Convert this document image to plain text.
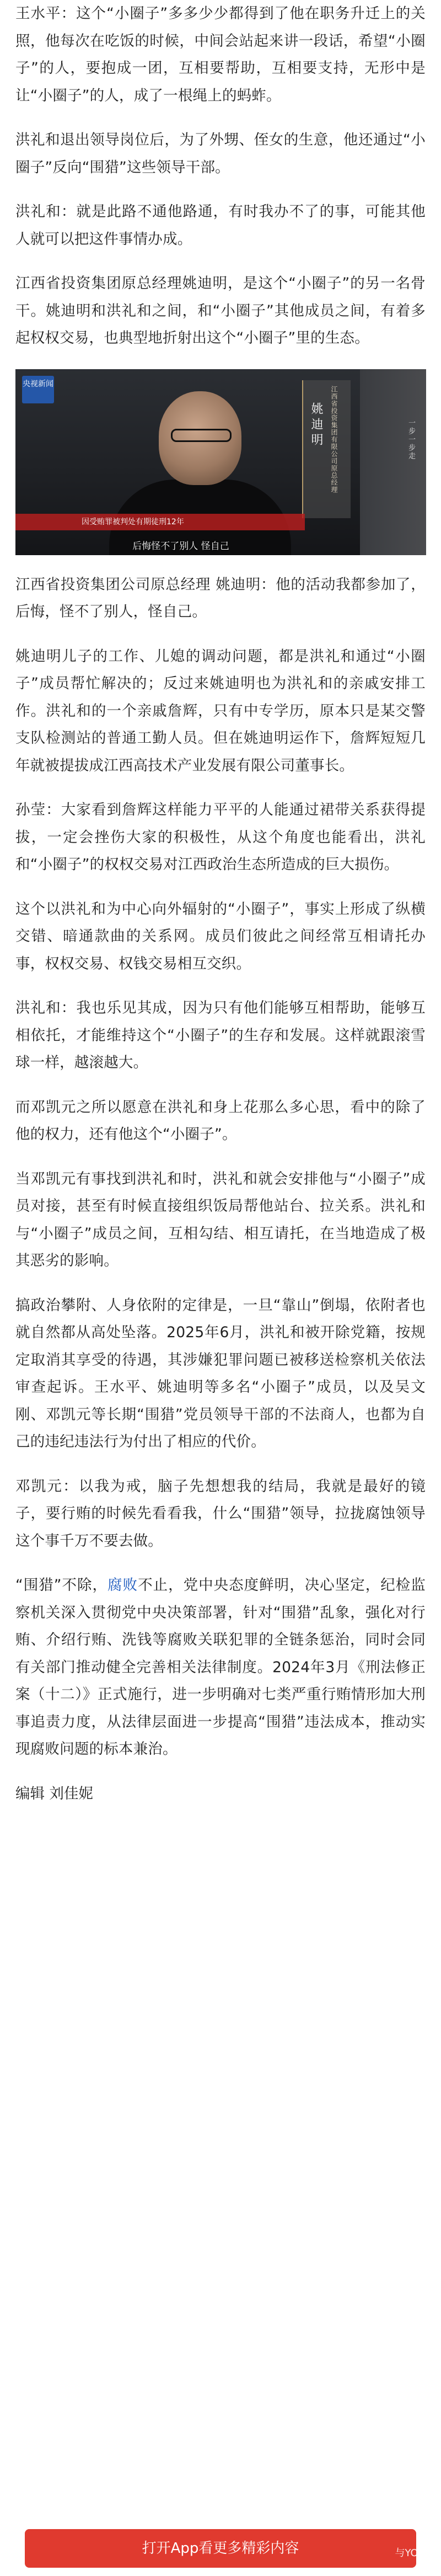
王水平：这个“小圈子”多多少少都得到了他在职务升迁上的关照，他每次在吃饭的时候，中间会站起来讲一段话，希望“小圈子”的人，要抱成一团，互相要帮助，互相要支持，无形中是让“小圈子”的人，成了一根绳上的蚂蚱。

洪礼和退出领导岗位后，为了外甥、侄女的生意，他还通过“小圈子”反向“围猎”这些领导干部。

洪礼和：就是此路不通他路通，有时我办不了的事，可能其他人就可以把这件事情办成。

江西省投资集团原总经理姚迪明，是这个“小圈子”的另一名骨干。姚迪明和洪礼和之间，和“小圈子”其他成员之间，有着多起权权交易，也典型地折射出这个“小圈子”里的生态。

央视新闻
姚迪明 江西省投资集团有限公司原总经理	一步一步走
因受贿罪被判处有期徒刑12年
后悔怪不了别人 怪自己

江西省投资集团公司原总经理 姚迪明：他的活动我都参加了，后悔，怪不了别人，怪自己。

姚迪明儿子的工作、儿媳的调动问题，都是洪礼和通过“小圈子”成员帮忙解决的；反过来姚迪明也为洪礼和的亲戚安排工作。洪礼和的一个亲戚詹辉，只有中专学历，原本只是某交警支队检测站的普通工勤人员。但在姚迪明运作下，詹辉短短几年就被提拔成江西高技术产业发展有限公司董事长。

孙莹：大家看到詹辉这样能力平平的人能通过裙带关系获得提拔，一定会挫伤大家的积极性，从这个角度也能看出，洪礼和“小圈子”的权权交易对江西政治生态所造成的巨大损伤。

这个以洪礼和为中心向外辐射的“小圈子”，事实上形成了纵横交错、暗通款曲的关系网。成员们彼此之间经常互相请托办事，权权交易、权钱交易相互交织。

洪礼和：我也乐见其成，因为只有他们能够互相帮助，能够互相依托，才能维持这个“小圈子”的生存和发展。这样就跟滚雪球一样，越滚越大。

而邓凯元之所以愿意在洪礼和身上花那么多心思，看中的除了他的权力，还有他这个“小圈子”。

当邓凯元有事找到洪礼和时，洪礼和就会安排他与“小圈子”成员对接，甚至有时候直接组织饭局帮他站台、拉关系。洪礼和与“小圈子”成员之间，互相勾结、相互请托，在当地造成了极其恶劣的影响。

搞政治攀附、人身依附的定律是，一旦“靠山”倒塌，依附者也就自然都从高处坠落。2025年6月，洪礼和被开除党籍，按规定取消其享受的待遇，其涉嫌犯罪问题已被移送检察机关依法审查起诉。王水平、姚迪明等多名“小圈子”成员，以及吴文刚、邓凯元等长期“围猎”党员领导干部的不法商人，也都为自己的违纪违法行为付出了相应的代价。

邓凯元：以我为戒，脑子先想想我的结局，我就是最好的镜子，要行贿的时候先看看我，什么“围猎”领导，拉拢腐蚀领导这个事千万不要去做。

“围猎”不除，腐败不止，党中央态度鲜明，决心坚定，纪检监察机关深入贯彻党中央决策部署，针对“围猎”乱象，强化对行贿、介绍行贿、洗钱等腐败关联犯罪的全链条惩治，同时会同有关部门推动健全完善相关法律制度。2024年3月《刑法修正案（十二）》正式施行，进一步明确对七类严重行贿情形加大刑事追责力度，从法律层面进一步提高“围猎”违法成本，推动实现腐败问题的标本兼治。

编辑 刘佳妮
打开App看更多精彩内容	与YOSIII
